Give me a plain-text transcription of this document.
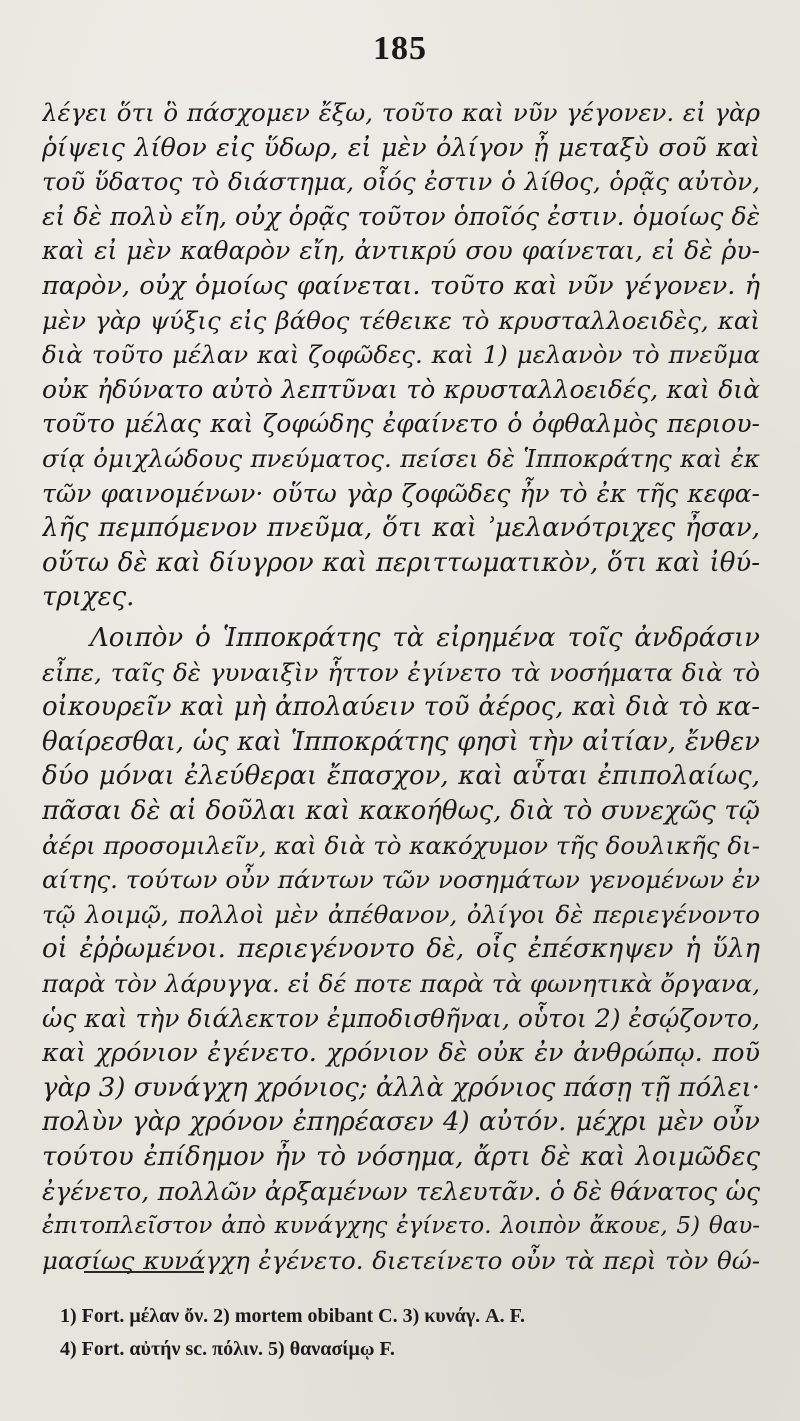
185
λέγει ὅτι ὃ πάσχομεν ἔξω, τοῦτο καὶ νῦν γέγονεν. εἰ γὰρ
ῥίψεις λίθον εἰς ὕδωρ, εἰ μὲν ὀλίγον ᾖ μεταξὺ σοῦ καὶ
τοῦ ὕδατος τὸ διάστημα, οἷός ἐστιν ὁ λίθος, ὁρᾷς αὐτὸν,
εἰ δὲ πολὺ εἴη, οὐχ ὁρᾷς τοῦτον ὁποῖός ἐστιν. ὁμοίως δὲ
καὶ εἰ μὲν καθαρὸν εἴη, ἀντικρύ σου φαίνεται, εἰ δὲ ῥυ-
παρὸν, οὐχ ὁμοίως φαίνεται. τοῦτο καὶ νῦν γέγονεν. ἡ
μὲν γὰρ ψύξις εἰς βάθος τέθεικε τὸ κρυσταλλοειδὲς, καὶ
διὰ τοῦτο μέλαν καὶ ζοφῶδες. καὶ 1) μελανὸν τὸ πνεῦμα
οὐκ ἠδύνατο αὐτὸ λεπτῦναι τὸ κρυσταλλοειδές, καὶ διὰ
τοῦτο μέλας καὶ ζοφώδης ἐφαίνετο ὁ ὀφθαλμὸς περιου-
σίᾳ ὀμιχλώδους πνεύματος. πείσει δὲ Ἱπποκράτης καὶ ἐκ
τῶν φαινομένων· οὕτω γὰρ ζοφῶδες ἦν τὸ ἐκ τῆς κεφα-
λῆς πεμπόμενον πνεῦμα, ὅτι καὶ ʾμελανότριχες ἦσαν,
οὕτω δὲ καὶ δίυγρον καὶ περιττωματικὸν, ὅτι καὶ ἰθύ-
τριχες.
Λοιπὸν ὁ Ἱπποκράτης τὰ εἰρημένα τοῖς ἀνδράσιν
εἶπε, ταῖς δὲ γυναιξὶν ἧττον ἐγίνετο τὰ νοσήματα διὰ τὸ
οἰκουρεῖν καὶ μὴ ἀπολαύειν τοῦ ἀέρος, καὶ διὰ τὸ κα-
θαίρεσθαι, ὡς καὶ Ἱπποκράτης φησὶ τὴν αἰτίαν, ἔνθεν
δύο μόναι ἐλεύθεραι ἔπασχον, καὶ αὗται ἐπιπολαίως,
πᾶσαι δὲ αἱ δοῦλαι καὶ κακοήθως, διὰ τὸ συνεχῶς τῷ
ἀέρι προσομιλεῖν, καὶ διὰ τὸ κακόχυμον τῆς δουλικῆς δι-
αίτης. τούτων οὖν πάντων τῶν νοσημάτων γενομένων ἐν
τῷ λοιμῷ, πολλοὶ μὲν ἀπέθανον, ὀλίγοι δὲ περιεγένοντο
οἱ ἐῤῥωμένοι. περιεγένοντο δὲ, οἷς ἐπέσκηψεν ἡ ὕλη
παρὰ τὸν λάρυγγα. εἰ δέ ποτε παρὰ τὰ φωνητικὰ ὄργανα,
ὡς καὶ τὴν διάλεκτον ἐμποδισθῆναι, οὗτοι 2) ἐσῴζοντο,
καὶ χρόνιον ἐγένετο. χρόνιον δὲ οὐκ ἐν ἀνθρώπῳ. ποῦ
γὰρ 3) συνάγχη χρόνιος; ἀλλὰ χρόνιος πάσῃ τῇ πόλει·
πολὺν γὰρ χρόνον ἐπηρέασεν 4) αὐτόν. μέχρι μὲν οὖν
τούτου ἐπίδημον ἦν τὸ νόσημα, ἄρτι δὲ καὶ λοιμῶδες
ἐγένετο, πολλῶν ἀρξαμένων τελευτᾶν. ὁ δὲ θάνατος ὡς
ἐπιτοπλεῖστον ἀπὸ κυνάγχης ἐγίνετο. λοιπὸν ἄκουε, 5) θαυ-
μασίως κυνάγχη ἐγένετο. διετείνετο οὖν τὰ περὶ τὸν θώ-
1) Fort. μέλαν ὄν. 2) mortem obibant C. 3) κυνάγ. A. F.
4) Fort. αὐτήν sc. πόλιν. 5) θανασίμῳ F.
